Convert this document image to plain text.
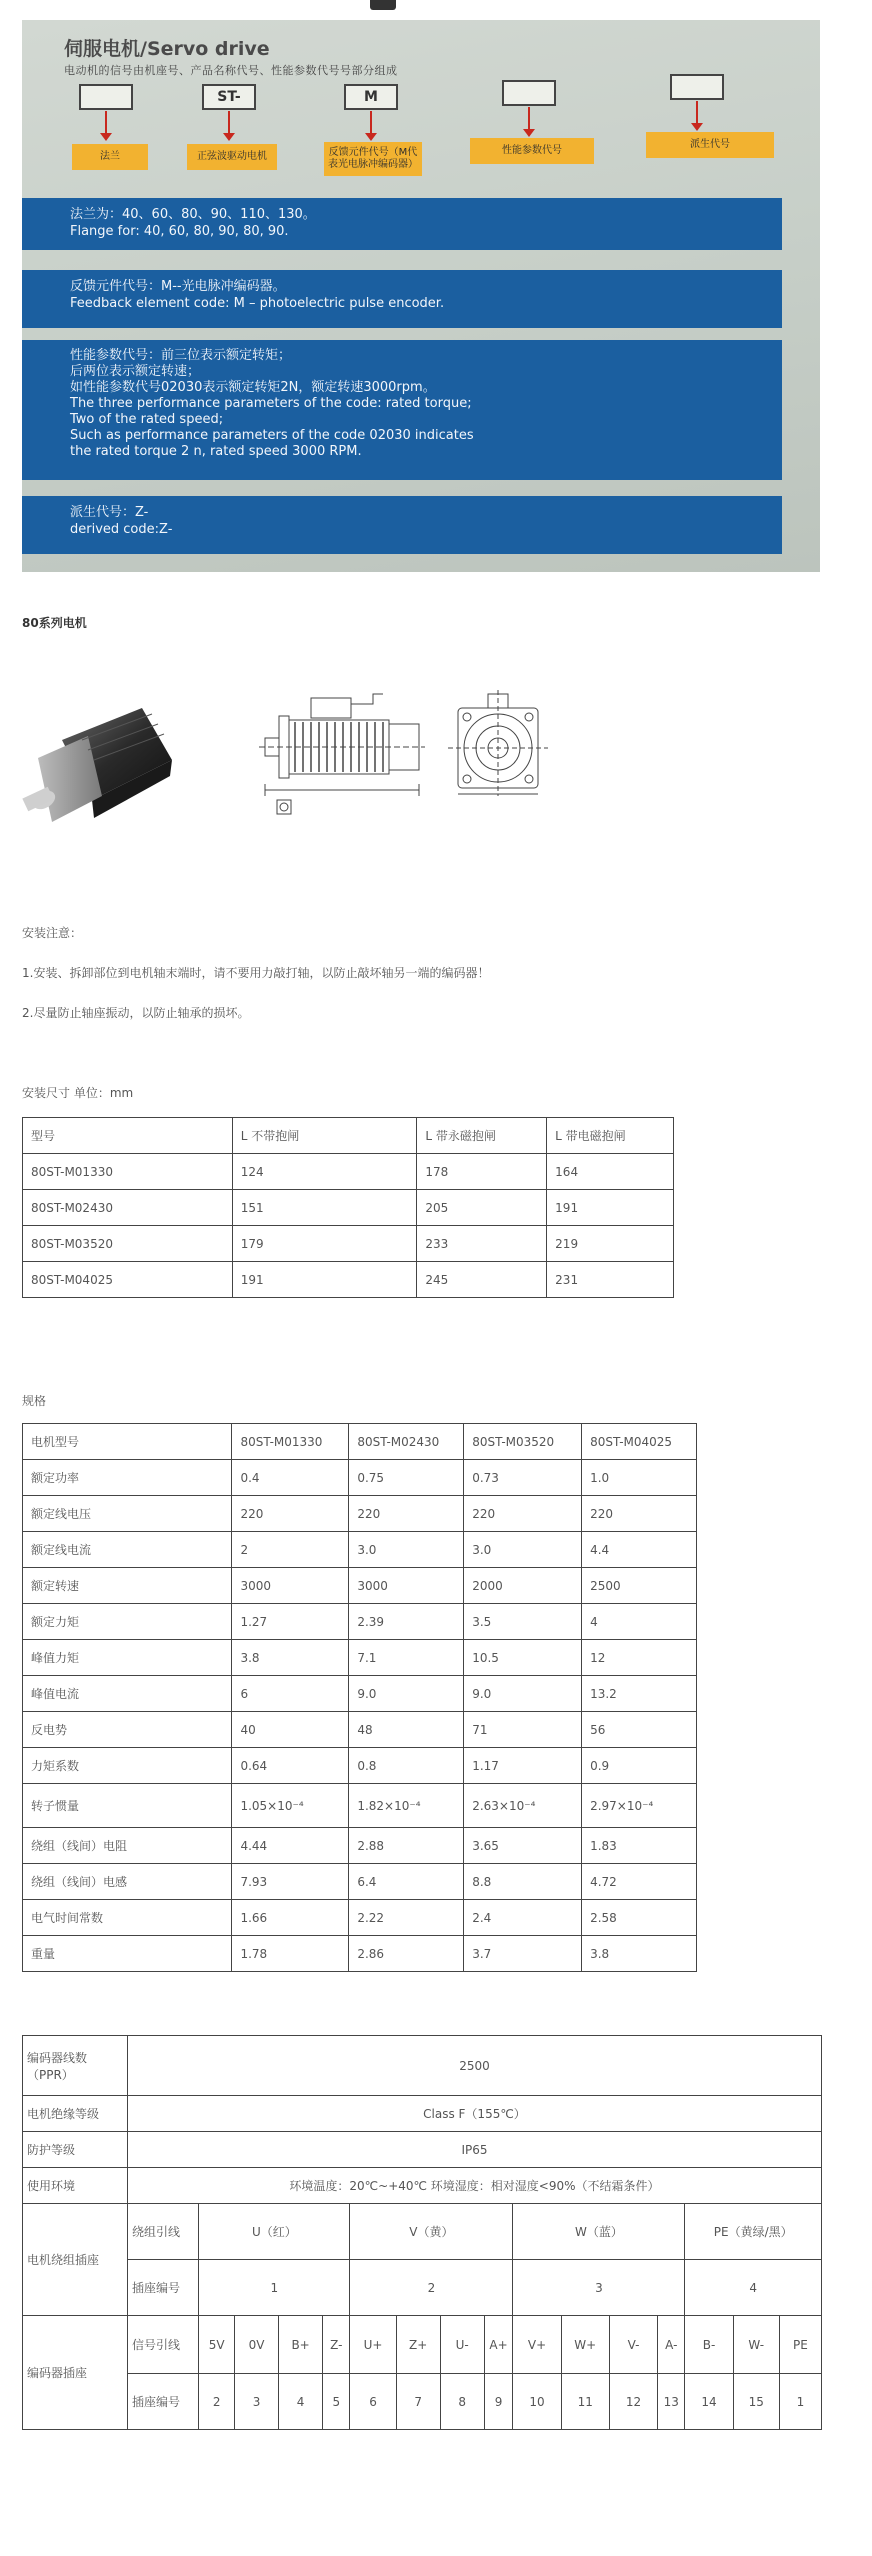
伺服电机/Servo drive
电动机的信号由机座号、产品名称代号、性能参数代号号部分组成
ST-	M
法兰	正弦波驱动电机	反馈元件代号（M代表光电脉冲编码器）
性能参数代号
派生代号
法兰为：40、60、80、90、110、130。
Flange for: 40, 60, 80, 90, 80, 90.
反馈元件代号：M--光电脉冲编码器。
Feedback element code: M – photoelectric pulse encoder.
性能参数代号：前三位表示额定转矩；
后两位表示额定转速；
如性能参数代号02030表示额定转矩2N，额定转速3000rpm。
The three performance parameters of the code: rated torque;
Two of the rated speed;
Such as performance parameters of the code 02030 indicates
the rated torque 2 n, rated speed 3000 RPM.
派生代号：Z-
derived code:Z-
80系列电机
安装注意：
1.安装、拆卸部位到电机轴末端时，请不要用力敲打轴，以防止敲坏轴另一端的编码器！
2.尽量防止轴座振动，以防止轴承的损坏。
安装尺寸 单位：mm
型号	L 不带抱闸	L 带永磁抱闸	L 带电磁抱闸
80ST-M01330	124	178	164
80ST-M02430	151	205	191
80ST-M03520	179	233	219
80ST-M04025	191	245	231
规格
电机型号	80ST-M01330	80ST-M02430	80ST-M03520	80ST-M04025
额定功率	0.4	0.75	0.73	1.0
额定线电压	220	220	220	220
额定线电流	2	3.0	3.0	4.4
额定转速	3000	3000	2000	2500
额定力矩	1.27	2.39	3.5	4
峰值力矩	3.8	7.1	10.5	12
峰值电流	6	9.0	9.0	13.2
反电势	40	48	71	56
力矩系数	0.64	0.8	1.17	0.9
转子惯量	1.05×10⁻⁴	1.82×10⁻⁴	2.63×10⁻⁴	2.97×10⁻⁴
绕组（线间）电阻	4.44	2.88	3.65	1.83
绕组（线间）电感	7.93	6.4	8.8	4.72
电气时间常数	1.66	2.22	2.4	2.58
重量	1.78	2.86	3.7	3.8
编码器线数（PPR）	2500															
电机绝缘等级	Class F（155℃）															
防护等级	IP65															
使用环境	环境温度：20℃~+40℃ 环境湿度：相对湿度<90%（不结霜条件）															
电机绕组插座	绕组引线	U（红）				V（黄）				W（蓝）				PE（黄绿/黑）		
	插座编号	1				2				3				4		
编码器插座	信号引线	5V	0V	B+	Z-	U+	Z+	U-	A+	V+	W+	V-	A-	B-	W-	PE
	插座编号	2	3	4	5	6	7	8	9	10	11	12	13	14	15	1
